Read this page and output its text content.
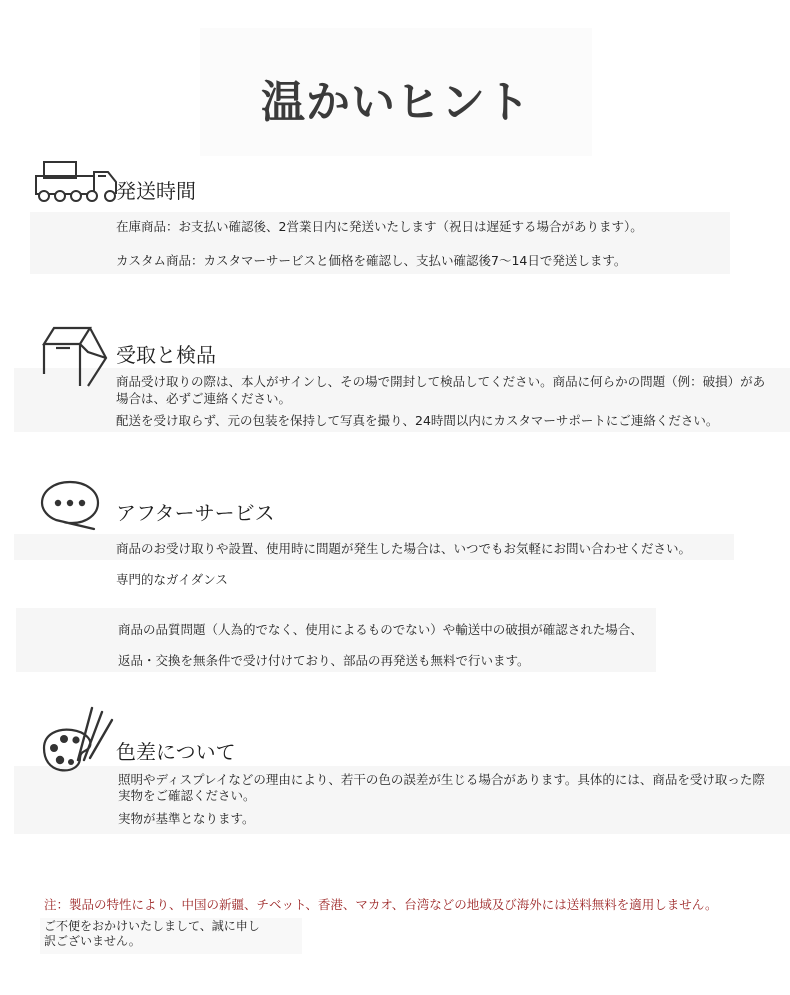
温かいヒント
発送時間
在庫商品：お支払い確認後、2営業日内に発送いたします（祝日は遅延する場合があります）。
カスタム商品：カスタマーサービスと価格を確認し、支払い確認後7〜14日で発送します。
受取と検品
商品受け取りの際は、本人がサインし、その場で開封して検品してください。商品に何らかの問題（例：破損）があ
場合は、必ずご連絡ください。
配送を受け取らず、元の包装を保持して写真を撮り、24時間以内にカスタマーサポートにご連絡ください。
アフターサービス
商品のお受け取りや設置、使用時に問題が発生した場合は、いつでもお気軽にお問い合わせください。
専門的なガイダンス
商品の品質問題（人為的でなく、使用によるものでない）や輸送中の破損が確認された場合、
返品・交換を無条件で受け付けており、部品の再発送も無料で行います。
色差について
照明やディスプレイなどの理由により、若干の色の誤差が生じる場合があります。具体的には、商品を受け取った際
実物をご確認ください。
実物が基準となります。
注：製品の特性により、中国の新疆、チベット、香港、マカオ、台湾などの地域及び海外には送料無料を適用しません。
ご不便をおかけいたしまして、誠に申し
訳ございません。
